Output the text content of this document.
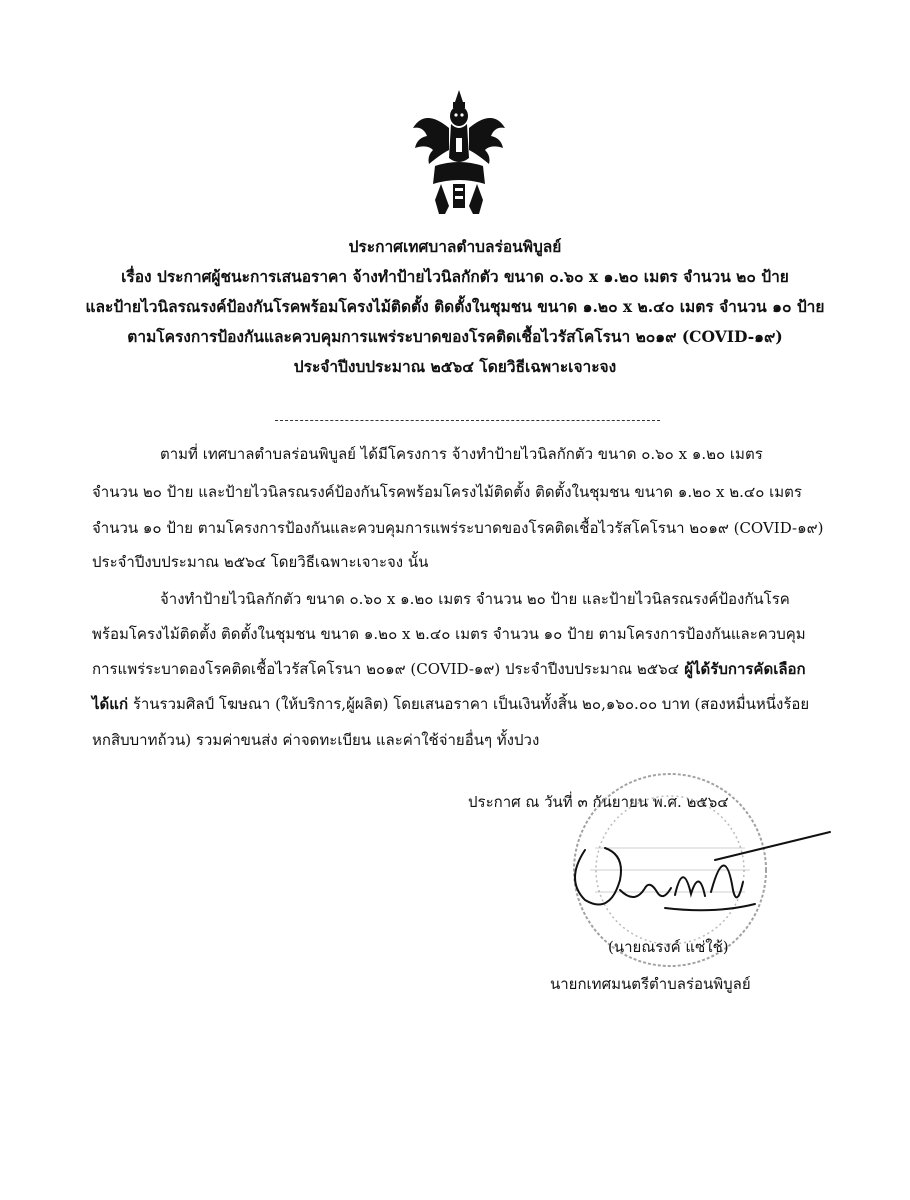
ประกาศเทศบาลตำบลร่อนพิบูลย์
เรื่อง ประกาศผู้ชนะการเสนอราคา จ้างทำป้ายไวนิลกักตัว ขนาด ๐.๖๐ x ๑.๒๐ เมตร จำนวน ๒๐ ป้าย
และป้ายไวนิลรณรงค์ป้องกันโรคพร้อมโครงไม้ติดตั้ง ติดตั้งในชุมชน ขนาด ๑.๒๐ x ๒.๔๐ เมตร จำนวน ๑๐ ป้าย
ตามโครงการป้องกันและควบคุมการแพร่ระบาดของโรคติดเชื้อไวรัสโคโรนา ๒๐๑๙ (COVID-๑๙)
ประจำปีงบประมาณ ๒๕๖๔ โดยวิธีเฉพาะเจาะจง
ตามที่ เทศบาลตำบลร่อนพิบูลย์ ได้มีโครงการ จ้างทำป้ายไวนิลกักตัว ขนาด ๐.๖๐ x ๑.๒๐ เมตร
จำนวน ๒๐ ป้าย และป้ายไวนิลรณรงค์ป้องกันโรคพร้อมโครงไม้ติดตั้ง ติดตั้งในชุมชน ขนาด ๑.๒๐ x ๒.๔๐ เมตร
จำนวน ๑๐ ป้าย ตามโครงการป้องกันและควบคุมการแพร่ระบาดของโรคติดเชื้อไวรัสโคโรนา ๒๐๑๙ (COVID-๑๙)
ประจำปีงบประมาณ ๒๕๖๔ โดยวิธีเฉพาะเจาะจง นั้น
จ้างทำป้ายไวนิลกักตัว ขนาด ๐.๖๐ x ๑.๒๐ เมตร จำนวน ๒๐ ป้าย และป้ายไวนิลรณรงค์ป้องกันโรค
พร้อมโครงไม้ติดตั้ง ติดตั้งในชุมชน ขนาด ๑.๒๐ x ๒.๔๐ เมตร จำนวน ๑๐ ป้าย ตามโครงการป้องกันและควบคุม
การแพร่ระบาดองโรคติดเชื้อไวรัสโคโรนา ๒๐๑๙ (COVID-๑๙) ประจำปีงบประมาณ ๒๕๖๔ ผู้ได้รับการคัดเลือก
ได้แก่ ร้านรวมศิลป์ โฆษณา (ให้บริการ,ผู้ผลิต) โดยเสนอราคา เป็นเงินทั้งสิ้น ๒๐,๑๖๐.๐๐ บาท (สองหมื่นหนึ่งร้อย
หกสิบบาทถ้วน) รวมค่าขนส่ง ค่าจดทะเบียน และค่าใช้จ่ายอื่นๆ ทั้งปวง
ประกาศ ณ วันที่ ๓ กันยายน พ.ศ. ๒๕๖๔
(นายณรงค์ แซ่ใช้)
นายกเทศมนตรีตำบลร่อนพิบูลย์
